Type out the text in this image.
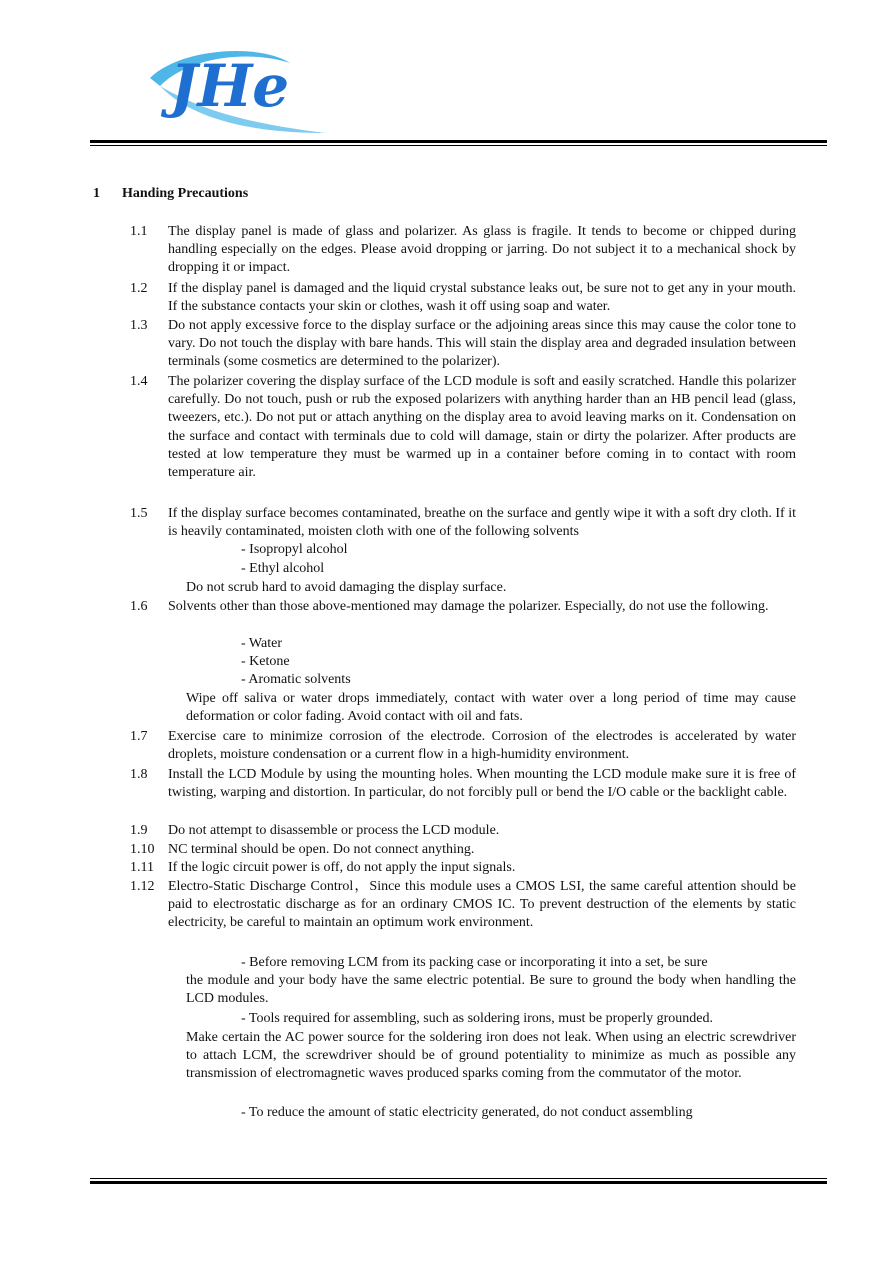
JHe
1 Handing Precautions
1.1 The display panel is made of glass and polarizer. As glass is fragile. It tends to become or chipped during handling especially on the edges. Please avoid dropping or jarring. Do not subject it to a mechanical shock by dropping it or impact.
1.2 If the display panel is damaged and the liquid crystal substance leaks out, be sure not to get any in your mouth. If the substance contacts your skin or clothes, wash it off using soap and water.
1.3 Do not apply excessive force to the display surface or the adjoining areas since this may cause the color tone to vary. Do not touch the display with bare hands. This will stain the display area and degraded insulation between terminals (some cosmetics are determined to the polarizer).
1.4 The polarizer covering the display surface of the LCD module is soft and easily scratched. Handle this polarizer carefully. Do not touch, push or rub the exposed polarizers with anything harder than an HB pencil lead (glass, tweezers, etc.). Do not put or attach anything on the display area to avoid leaving marks on it. Condensation on the surface and contact with terminals due to cold will damage, stain or dirty the polarizer. After products are tested at low temperature they must be warmed up in a container before coming in to contact with room temperature air.
1.5 If the display surface becomes contaminated, breathe on the surface and gently wipe it with a soft dry cloth. If it is heavily contaminated, moisten cloth with one of the following solvents
- Isopropyl alcohol
- Ethyl alcohol
Do not scrub hard to avoid damaging the display surface.
1.6 Solvents other than those above-mentioned may damage the polarizer. Especially, do not use the following.
- Water
- Ketone
- Aromatic solvents
Wipe off saliva or water drops immediately, contact with water over a long period of time may cause deformation or color fading. Avoid contact with oil and fats.
1.7 Exercise care to minimize corrosion of the electrode. Corrosion of the electrodes is accelerated by water droplets, moisture condensation or a current flow in a high-humidity environment.
1.8 Install the LCD Module by using the mounting holes. When mounting the LCD module make sure it is free of twisting, warping and distortion. In particular, do not forcibly pull or bend the I/O cable or the backlight cable.
1.9 Do not attempt to disassemble or process the LCD module.
1.10 NC terminal should be open. Do not connect anything.
1.11 If the logic circuit power is off, do not apply the input signals.
1.12 Electro-Static Discharge Control，Since this module uses a CMOS LSI, the same careful attention should be paid to electrostatic discharge as for an ordinary CMOS IC. To prevent destruction of the elements by static electricity, be careful to maintain an optimum work environment.
- Before removing LCM from its packing case or incorporating it into a set, be sure
the module and your body have the same electric potential. Be sure to ground the body when handling the LCD modules.
- Tools required for assembling, such as soldering irons, must be properly grounded.
Make certain the AC power source for the soldering iron does not leak. When using an electric screwdriver to attach LCM, the screwdriver should be of ground potentiality to minimize as much as possible any transmission of electromagnetic waves produced sparks coming from the commutator of the motor.
- To reduce the amount of static electricity generated, do not conduct assembling
